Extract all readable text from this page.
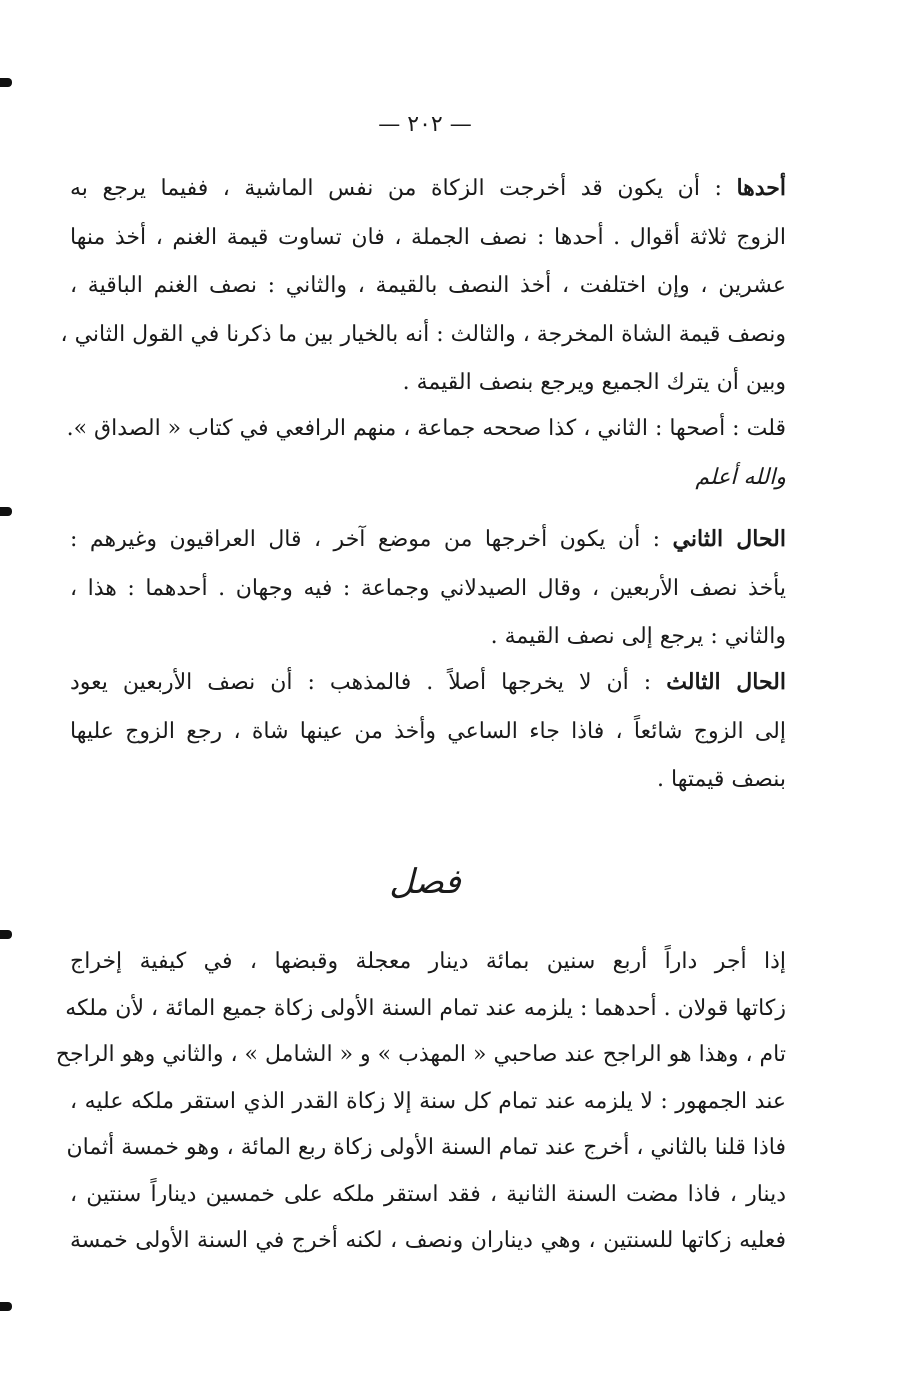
— ٢٠٢ —
أحدها : أن يكون قد أخرجت الزكاة من نفس الماشية ، ففيما يرجع به
الزوج ثلاثة أقوال . أحدها : نصف الجملة ، فان تساوت قيمة الغنم ، أخذ منها
عشرين ، وإن اختلفت ، أخذ النصف بالقيمة ، والثاني : نصف الغنم الباقية ،
ونصف قيمة الشاة المخرجة ، والثالث : أنه بالخيار بين ما ذكرنا في القول الثاني ،
وبين أن يترك الجميع ويرجع بنصف القيمة .
قلت : أصحها : الثاني ، كذا صححه جماعة ، منهم الرافعي في كتاب « الصداق ».
والله أعلم
الحال الثاني : أن يكون أخرجها من موضع آخر ، قال العراقيون وغيرهم :
يأخذ نصف الأربعين ، وقال الصيدلاني وجماعة : فيه وجهان . أحدهما : هذا ،
والثاني : يرجع إلى نصف القيمة .
الحال الثالث : أن لا يخرجها أصلاً . فالمذهب : أن نصف الأربعين يعود
إلى الزوج شائعاً ، فاذا جاء الساعي وأخذ من عينها شاة ، رجع الزوج عليها
بنصف قيمتها .
فصل
إذا أجر داراً أربع سنين بمائة دينار معجلة وقبضها ، في كيفية إخراج
زكاتها قولان . أحدهما : يلزمه عند تمام السنة الأولى زكاة جميع المائة ، لأن ملكه
تام ، وهذا هو الراجح عند صاحبي « المهذب » و « الشامل » ، والثاني وهو الراجح
عند الجمهور : لا يلزمه عند تمام كل سنة إلا زكاة القدر الذي استقر ملكه عليه ،
فاذا قلنا بالثاني ، أخرج عند تمام السنة الأولى زكاة ربع المائة ، وهو خمسة أثمان
دينار ، فاذا مضت السنة الثانية ، فقد استقر ملكه على خمسين ديناراً سنتين ،
فعليه زكاتها للسنتين ، وهي ديناران ونصف ، لكنه أخرج في السنة الأولى خمسة
